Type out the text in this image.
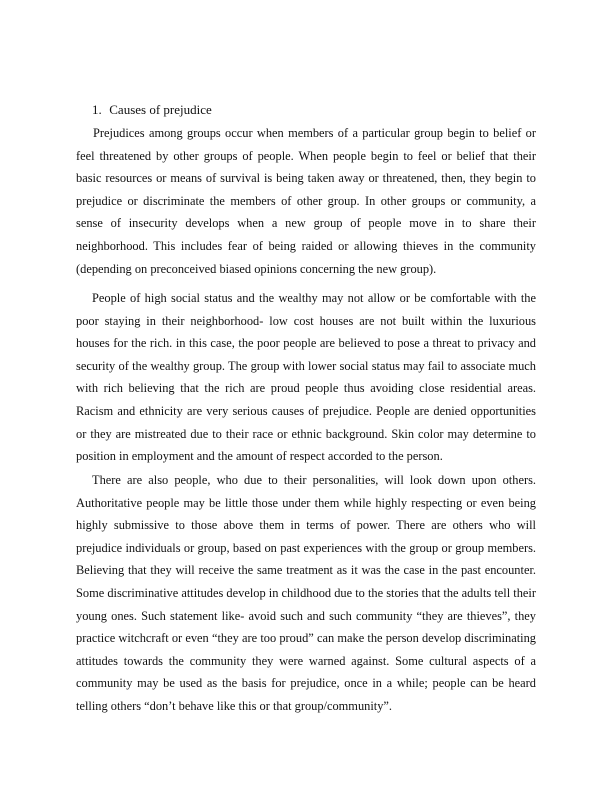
1. Causes of prejudice

Prejudices among groups occur when members of a particular group begin to belief or feel threatened by other groups of people. When people begin to feel or belief that their basic resources or means of survival is being taken away or threatened, then, they begin to prejudice or discriminate the members of other group. In other groups or community, a sense of insecurity develops when a new group of people move in to share their neighborhood. This includes fear of being raided or allowing thieves in the community (depending on preconceived biased opinions concerning the new group).

People of high social status and the wealthy may not allow or be comfortable with the poor staying in their neighborhood- low cost houses are not built within the luxurious houses for the rich. in this case, the poor people are believed to pose a threat to privacy and security of the wealthy group. The group with lower social status may fail to associate much with rich believing that the rich are proud people thus avoiding close residential areas. Racism and ethnicity are very serious causes of prejudice. People are denied opportunities or they are mistreated due to their race or ethnic background. Skin color may determine to position in employment and the amount of respect accorded to the person.

There are also people, who due to their personalities, will look down upon others. Authoritative people may be little those under them while highly respecting or even being highly submissive to those above them in terms of power. There are others who will prejudice individuals or group, based on past experiences with the group or group members. Believing that they will receive the same treatment as it was the case in the past encounter. Some discriminative attitudes develop in childhood due to the stories that the adults tell their young ones. Such statement like- avoid such and such community “they are thieves”, they practice witchcraft or even “they are too proud” can make the person develop discriminating attitudes towards the community they were warned against. Some cultural aspects of a community may be used as the basis for prejudice, once in a while; people can be heard telling others “don’t behave like this or that group/community”.
